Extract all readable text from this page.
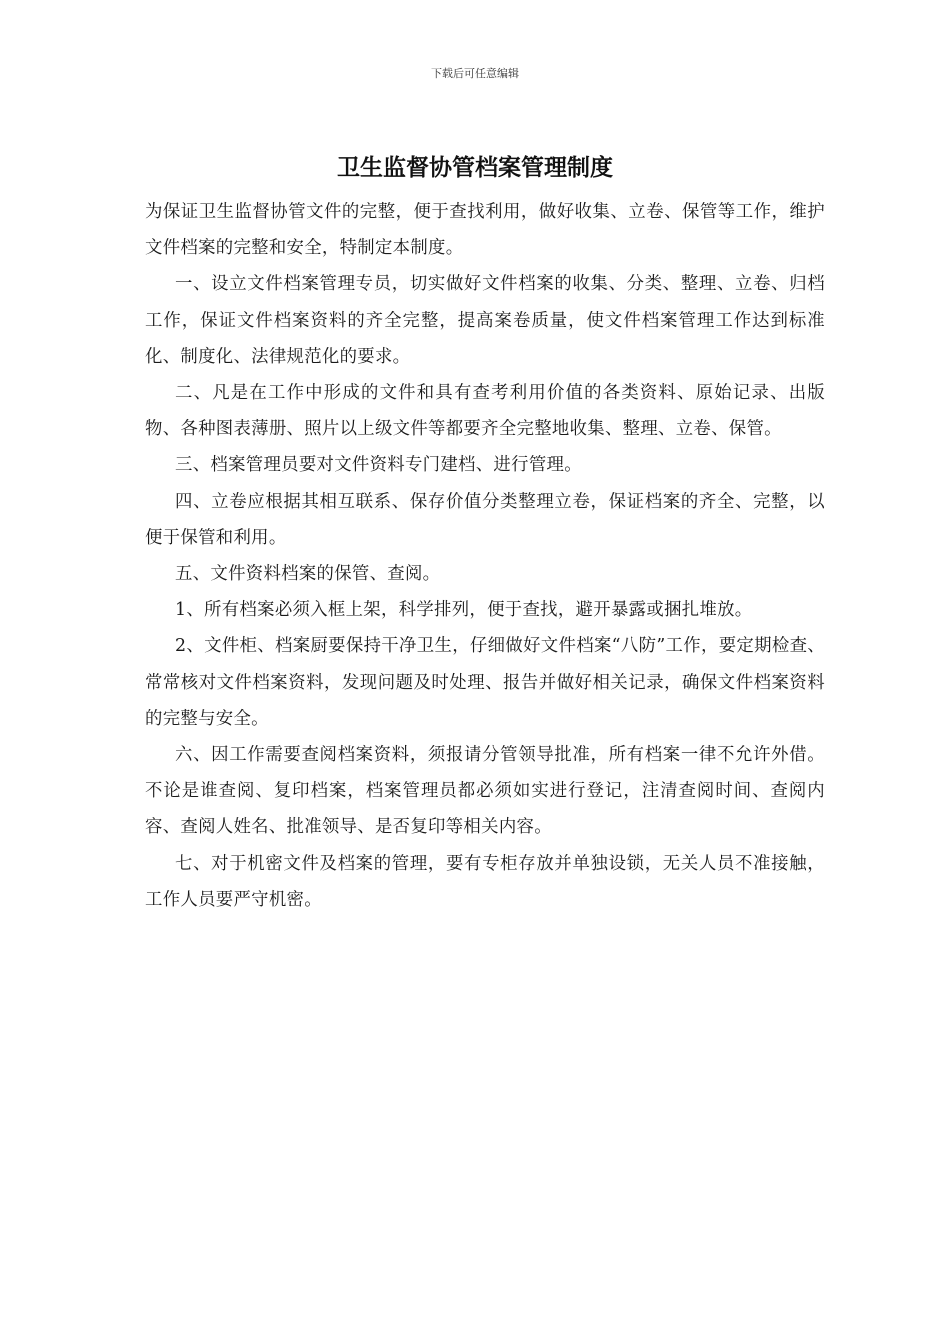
下载后可任意编辑
卫生监督协管档案管理制度

为保证卫生监督协管文件的完整，便于查找利用，做好收集、立卷、保管等工作，维护文件档案的完整和安全，特制定本制度。

一、设立文件档案管理专员，切实做好文件档案的收集、分类、整理、立卷、归档工作，保证文件档案资料的齐全完整，提高案卷质量，使文件档案管理工作达到标准化、制度化、法律规范化的要求。

二、凡是在工作中形成的文件和具有查考利用价值的各类资料、原始记录、出版物、各种图表薄册、照片以上级文件等都要齐全完整地收集、整理、立卷、保管。

三、档案管理员要对文件资料专门建档、进行管理。

四、立卷应根据其相互联系、保存价值分类整理立卷，保证档案的齐全、完整，以便于保管和利用。

五、文件资料档案的保管、查阅。

1、所有档案必须入框上架，科学排列，便于查找，避开暴露或捆扎堆放。

2、文件柜、档案厨要保持干净卫生，仔细做好文件档案“八防”工作，要定期检查、常常核对文件档案资料，发现问题及时处理、报告并做好相关记录，确保文件档案资料的完整与安全。

六、因工作需要查阅档案资料，须报请分管领导批准，所有档案一律不允许外借。不论是谁查阅、复印档案，档案管理员都必须如实进行登记，注清查阅时间、查阅内容、查阅人姓名、批准领导、是否复印等相关内容。

七、对于机密文件及档案的管理，要有专柜存放并单独设锁，无关人员不准接触，工作人员要严守机密。
